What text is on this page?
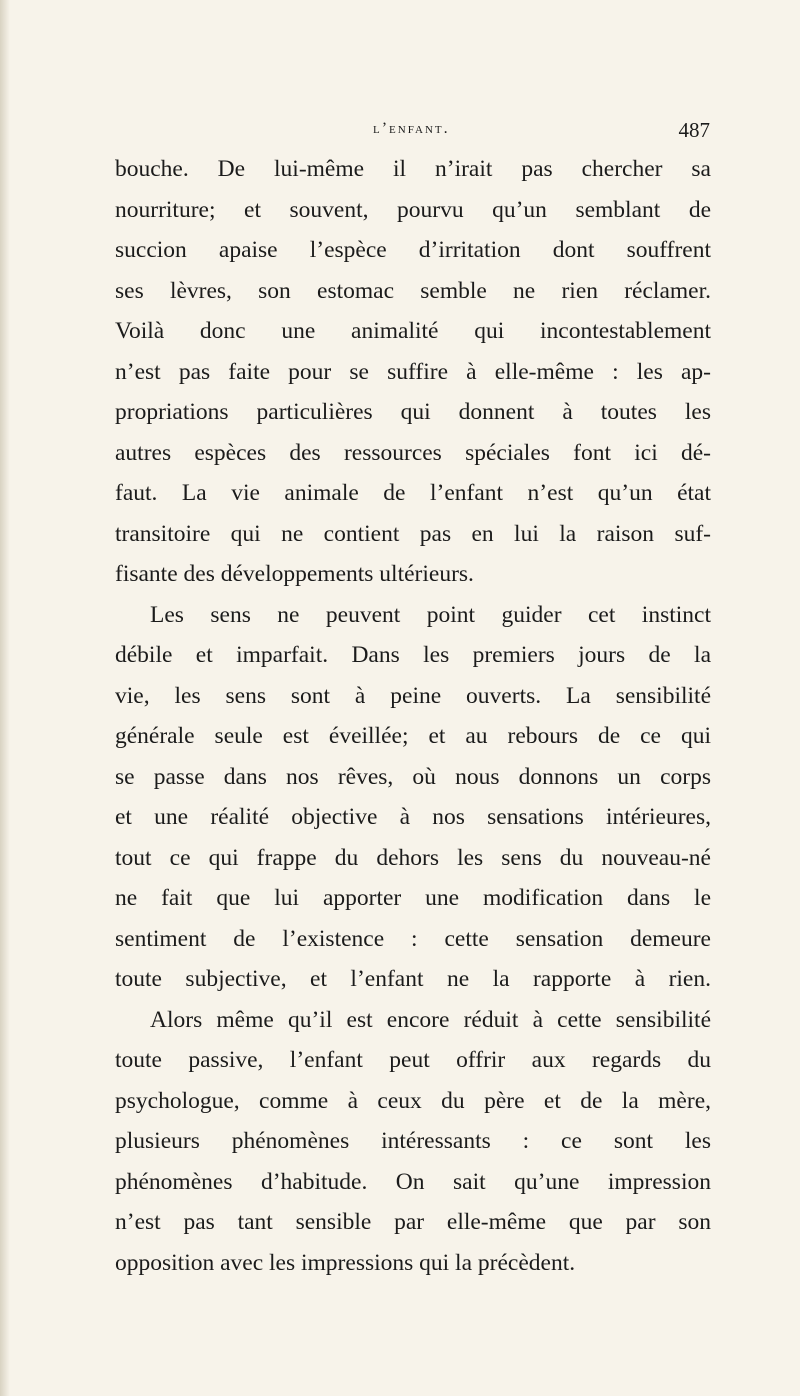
l’enfant.	487
bouche. De lui-même il n’irait pas chercher sa
nourriture; et souvent, pourvu qu’un semblant de
succion apaise l’espèce d’irritation dont souffrent
ses lèvres, son estomac semble ne rien réclamer.
Voilà donc une animalité qui incontestablement
n’est pas faite pour se suffire à elle-même : les ap-
propriations particulières qui donnent à toutes les
autres espèces des ressources spéciales font ici dé-
faut. La vie animale de l’enfant n’est qu’un état
transitoire qui ne contient pas en lui la raison suf-
fisante des développements ultérieurs.
Les sens ne peuvent point guider cet instinct
débile et imparfait. Dans les premiers jours de la
vie, les sens sont à peine ouverts. La sensibilité
générale seule est éveillée; et au rebours de ce qui
se passe dans nos rêves, où nous donnons un corps
et une réalité objective à nos sensations intérieures,
tout ce qui frappe du dehors les sens du nouveau-né
ne fait que lui apporter une modification dans le
sentiment de l’existence : cette sensation demeure
toute subjective, et l’enfant ne la rapporte à rien.
Alors même qu’il est encore réduit à cette sensibilité
toute passive, l’enfant peut offrir aux regards du
psychologue, comme à ceux du père et de la mère,
plusieurs phénomènes intéressants : ce sont les
phénomènes d’habitude. On sait qu’une impression
n’est pas tant sensible par elle-même que par son
opposition avec les impressions qui la précèdent.
